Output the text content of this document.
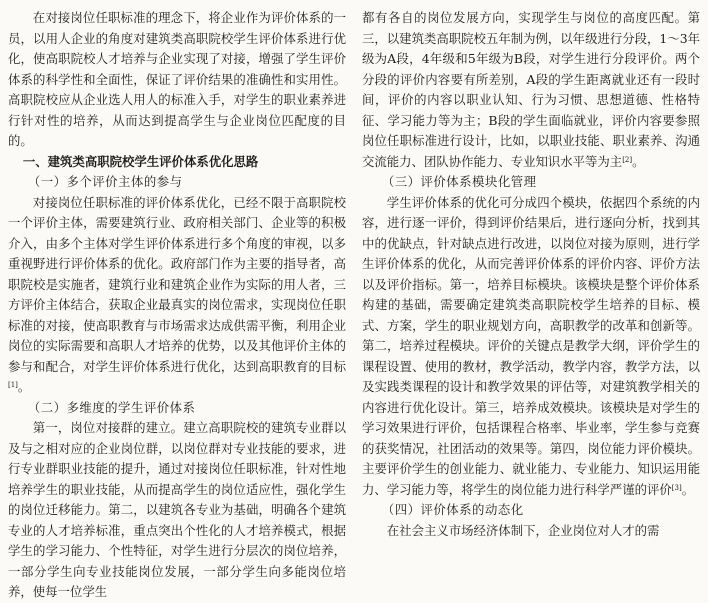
在对接岗位任职标准的理念下，将企业作为评价体系的一员，以用人企业的角度对建筑类高职院校学生评价体系进行优化，使高职院校人才培养与企业实现了对接，增强了学生评价体系的科学性和全面性，保证了评价结果的准确性和实用性。高职院校应从企业选人用人的标准入手，对学生的职业素养进行针对性的培养，从而达到提高学生与企业岗位匹配度的目的。

一、建筑类高职院校学生评价体系优化思路
（一）多个评价主体的参与

对接岗位任职标准的评价体系优化，已经不限于高职院校一个评价主体，需要建筑行业、政府相关部门、企业等的积极介入，由多个主体对学生评价体系进行多个角度的审视，以多重视野进行评价体系的优化。政府部门作为主要的指导者，高职院校是实施者，建筑行业和建筑企业作为实际的用人者，三方评价主体结合，获取企业最真实的岗位需求，实现岗位任职标准的对接，使高职教育与市场需求达成供需平衡，利用企业岗位的实际需要和高职人才培养的优势，以及其他评价主体的参与和配合，对学生评价体系进行优化，达到高职教育的目标[1]。

（二）多维度的学生评价体系

第一，岗位对接群的建立。建立高职院校的建筑专业群以及与之相对应的企业岗位群，以岗位群对专业技能的要求，进行专业群职业技能的提升，通过对接岗位任职标准，针对性地培养学生的职业技能，从而提高学生的岗位适应性，强化学生的岗位迁移能力。第二，以建筑各专业为基础，明确各个建筑专业的人才培养标准，重点突出个性化的人才培养模式，根据学生的学习能力、个性特征，对学生进行分层次的岗位培养，一部分学生向专业技能岗位发展，一部分学生向多能岗位培养，使每一位学生

都有各自的岗位发展方向，实现学生与岗位的高度匹配。第三，以建筑类高职院校五年制为例，以年级进行分段，1～3年级为A段，4年级和5年级为B段，对学生进行分段评价。两个分段的评价内容要有所差别，A段的学生距离就业还有一段时间，评价的内容以职业认知、行为习惯、思想道德、性格特征、学习能力等为主；B段的学生面临就业，评价内容要参照岗位任职标准进行设计，比如，以职业技能、职业素养、沟通交流能力、团队协作能力、专业知识水平等为主[2]。

（三）评价体系模块化管理

学生评价体系的优化可分成四个模块，依据四个系统的内容，进行逐一评价，得到评价结果后，进行逐向分析，找到其中的优缺点，针对缺点进行改进，以岗位对接为原则，进行学生评价体系的优化，从而完善评价体系的评价内容、评价方法以及评价指标。第一，培养目标模块。该模块是整个评价体系构建的基础，需要确定建筑类高职院校学生培养的目标、模式、方案，学生的职业规划方向，高职教学的改革和创新等。第二，培养过程模块。评价的关键点是教学大纲，评价学生的课程设置、使用的教材，教学活动，教学内容，教学方法，以及实践类课程的设计和教学效果的评估等，对建筑教学相关的内容进行优化设计。第三，培养成效模块。该模块是对学生的学习效果进行评价，包括课程合格率、毕业率，学生参与竞赛的获奖情况，社团活动的效果等。第四，岗位能力评价模块。主要评价学生的创业能力、就业能力、专业能力、知识运用能力、学习能力等，将学生的岗位能力进行科学严谨的评价[3]。

（四）评价体系的动态化

在社会主义市场经济体制下，企业岗位对人才的需
